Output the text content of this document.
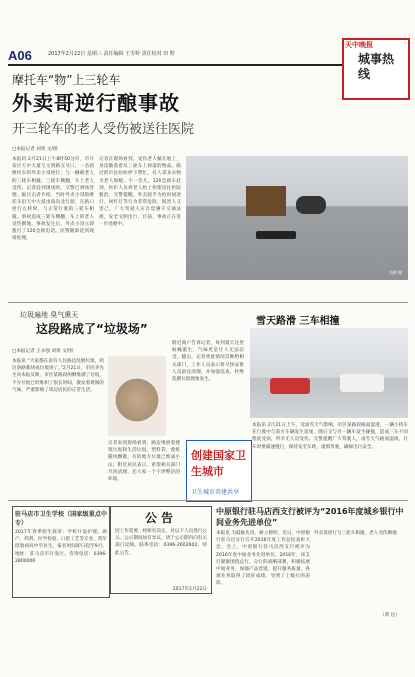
A06	2017年2月22日 星期三 责任编辑 王雪岭 责任校对 田 野
天中晚报
城事热线
摩托车“物”上三轮车
外卖哥逆行酿事故
开三轮车的老人受伤被送往医院
□本报记者 刘勇 文/图
本报讯 2月21日上午8时50分许，市开发区天中大道与文明路交叉口，一名骑摩托车的外卖小哥逆行，与一辆载老人的三轮车相撞，三轮车侧翻，车上老人受伤。记者赶到现场时，交警已到场处理。据目击者介绍，当时外卖小哥骑摩托车沿天中大道由南向北行驶，在路口逆行左转时，与正常行驶的三轮车相撞。事故造成三轮车侧翻，车上的老人受伤倒地。事故发生后，外卖小哥立即拨打了120急救电话，民警随即赶到现场处理。
记者在现场看到，受伤老人躺在地上，身边散落着从三轮车上掉落的物品。路过的市民纷纷停下帮忙，有人拿来衣物为老人保暖。不一会儿，120急救车赶到，医护人员将老人抬上担架送往医院救治。交警提醒，外卖骑手为抢时间逆行、闯红灯等行为非常危险，既害人又害己，广大驾驶人应自觉遵守交通法规，安全文明出行。目前，事故正在进一步处理中。
刘勇 摄
垃圾遍地 臭气熏天
这段路成了“垃圾场”
□本报记者 王永强 刘勇 文/图
本报讯 “大家都在说有人往路边乱倒垃圾，咱这条路都快成垃圾场了。”2月21日，市民李先生向本报反映，市区某路段两侧堆满了垃圾，不少垃圾已经堆积了很长时间，散发着难闻的气味，严重影响了周边居民的正常生活。
附近商户告诉记者，每到夏天这里蚊蝇滋生，气味更是让人无法忍受。随后，记者将此情况反映给相关部门，工作人员表示将尽快安排人员前往清理，并加强巡查，杜绝乱倒垃圾现象发生。
记者来到现场看到，路边堆放着建筑垃圾和生活垃圾，塑料袋、废纸随风飘散，有的地方垃圾已堆成小山。附近居民表示，希望相关部门尽快清理，还大家一个干净整洁的环境。
创建国家卫生城市
卫生城市共建共享
雪天路滑 三车相撞
本报讯 2月21日上午，受雨雪天气影响，市区某路段路面湿滑，一辆小轿车在行驶中与前方车辆发生追尾，随后又与另一辆车发生碰撞，造成三车不同程度受损，所幸无人员受伤。交警提醒广大驾驶人，雨雪天气路面湿滑，行车时要减速慢行，保持安全车距，谨慎驾驶，确保出行安全。
驻马店市卫生学校（国家级重点中专）
2017年春季招生简章：学校开设护理、助产、药剂、医学检验、口腔工艺等专业，常年招收初高中毕业生，报名时间即日起至9月。地址：驻马店市开发区。咨询电话：0396-2800000
公告
因工作需要，经研究决定，对以下人员进行公示。公示期间如有异议，请于公示期内向有关部门反映。联系电话：0396-2602602。特此公告。
2017年2月22日
中原银行驻马店西支行被评为“2016年度城乡银行中间业务先进单位”
本报讯 为鼓励先进，树立榜样，近日，中原银行驻马店分行召开2016年度工作总结表彰大会。会上，中原银行驻马店西支行被评为2016年度中间业务先进单位。2016年，该支行紧紧围绕总行、分行的战略部署，积极拓展中间业务，加强产品营销，提升服务质量，各项业务取得了较好成绩，受到了上级行的表彰。
外卖哥逆行与三轮车相撞，老人受伤倒地
（黄 达）
